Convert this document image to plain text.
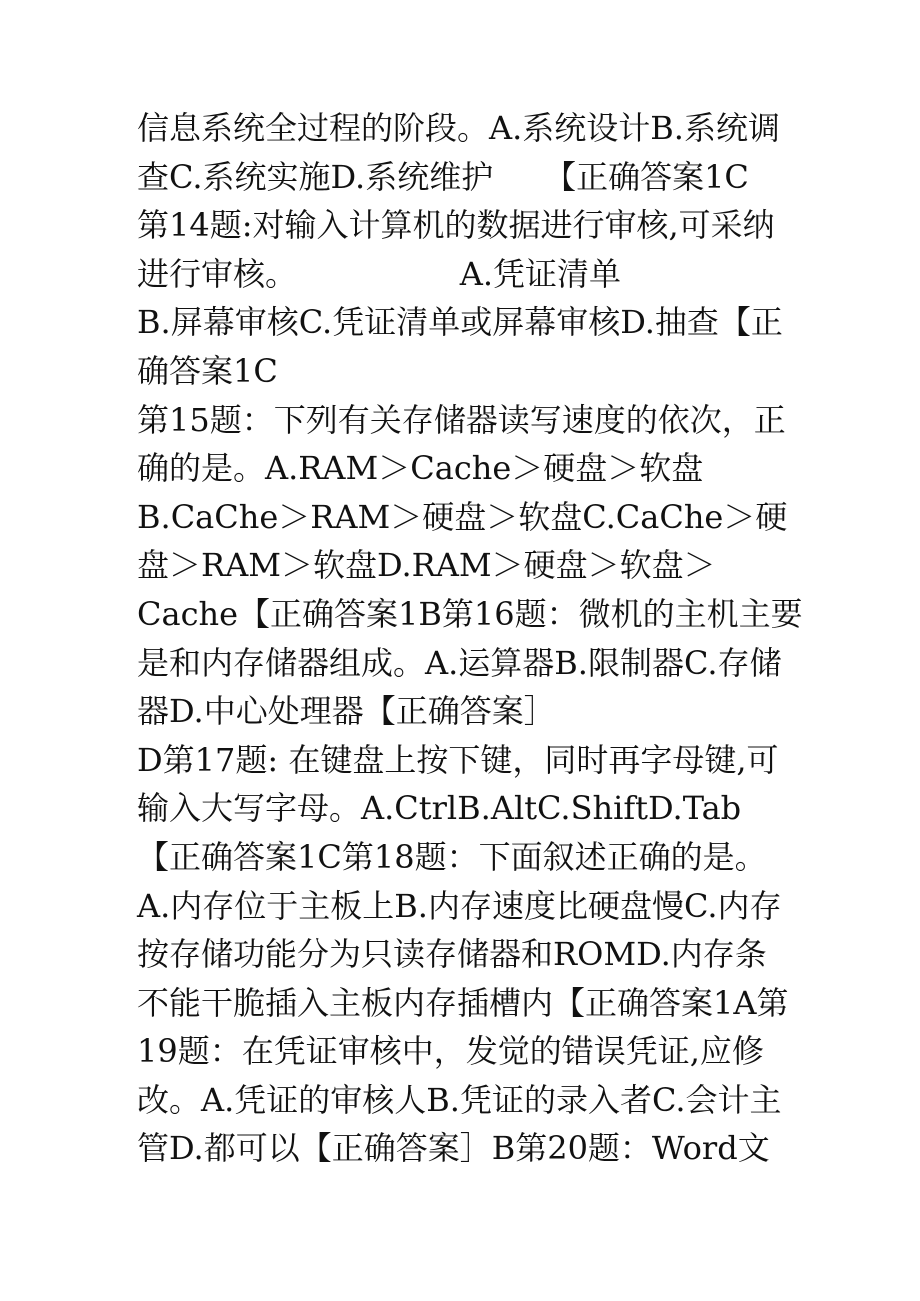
信息系统全过程的阶段。A.系统设计B.系统调
查C.系统实施D.系统维护     【正确答案1C
第14题:对输入计算机的数据进行审核,可采纳
进行审核。                A.凭证清单
B.屏幕审核C.凭证清单或屏幕审核D.抽查【正
确答案1C
第15题：下列有关存储器读写速度的依次，正
确的是。A.RAM＞Cache＞硬盘＞软盘
B.CaChe＞RAM＞硬盘＞软盘C.CaChe＞硬
盘＞RAM＞软盘D.RAM＞硬盘＞软盘＞
Cache【正确答案1B第16题：微机的主机主要
是和内存储器组成。A.运算器B.限制器C.存储
器D.中心处理器【正确答案］
D第17题: 在键盘上按下键，同时再字母键,可
输入大写字母。A.CtrlB.AltC.ShiftD.Tab
【正确答案1C第18题：下面叙述正确的是。
A.内存位于主板上B.内存速度比硬盘慢C.内存
按存储功能分为只读存储器和ROMD.内存条
不能干脆插入主板内存插槽内【正确答案1A第
19题：在凭证审核中，发觉的错误凭证,应修
改。A.凭证的审核人B.凭证的录入者C.会计主
管D.都可以【正确答案］B第20题：Word文
